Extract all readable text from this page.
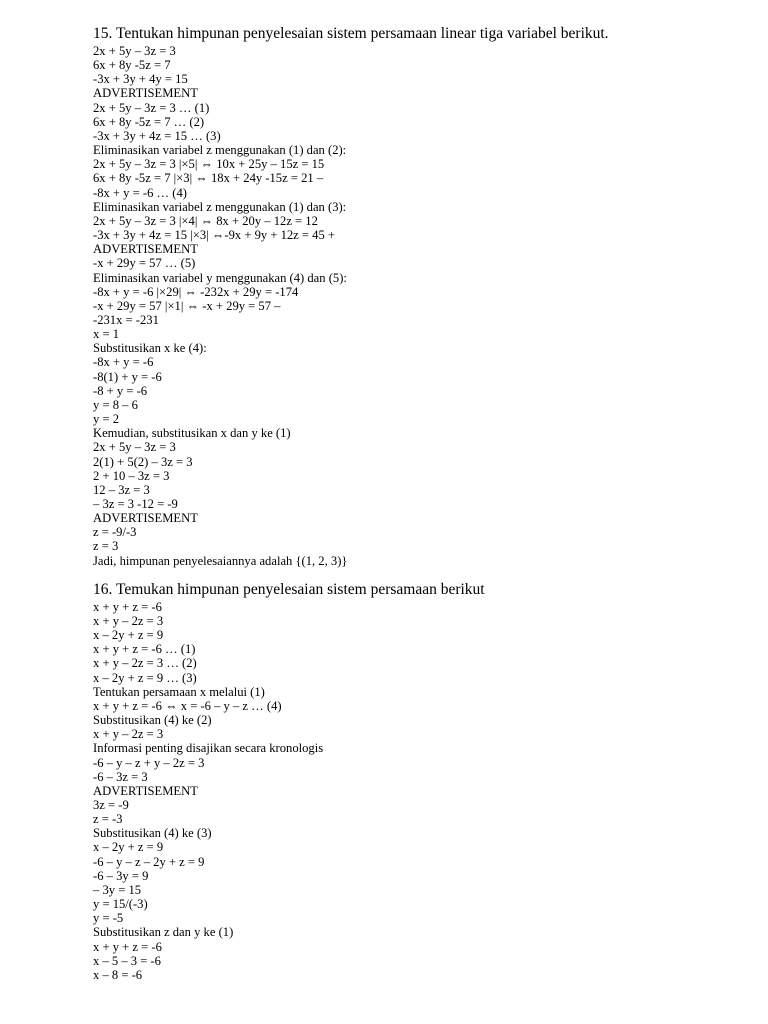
15. Tentukan himpunan penyelesaian sistem persamaan linear tiga variabel berikut.

2x + 5y – 3z = 3

6x + 8y -5z = 7

-3x + 3y + 4y = 15

ADVERTISEMENT

2x + 5y – 3z = 3 … (1)

6x + 8y -5z = 7 … (2)

-3x + 3y + 4z = 15 … (3)

Eliminasikan variabel z menggunakan (1) dan (2):

2x + 5y – 3z = 3 |×5| ⇔ 10x + 25y – 15z = 15

6x + 8y -5z = 7 |×3| ⇔ 18x + 24y -15z = 21 –

-8x + y = -6 … (4)

Eliminasikan variabel z menggunakan (1) dan (3):

2x + 5y – 3z = 3 |×4| ⇔ 8x + 20y – 12z = 12

-3x + 3y + 4z = 15 |×3| ⇔-9x + 9y + 12z = 45 +

ADVERTISEMENT

-x + 29y = 57 … (5)

Eliminasikan variabel y menggunakan (4) dan (5):

-8x + y = -6 |×29| ⇔ -232x + 29y = -174

-x + 29y = 57 |×1| ⇔ -x + 29y = 57 –

-231x = -231

x = 1

Substitusikan x ke (4):

-8x + y = -6

-8(1) + y = -6

-8 + y = -6

y = 8 – 6

y = 2

Kemudian, substitusikan x dan y ke (1)

2x + 5y – 3z = 3

2(1) + 5(2) – 3z = 3

2 + 10 – 3z = 3

12 – 3z = 3

– 3z = 3 -12 = -9

ADVERTISEMENT

z = -9/-3

z = 3

Jadi, himpunan penyelesaiannya adalah {(1, 2, 3)}

16. Temukan himpunan penyelesaian sistem persamaan berikut

x + y + z = -6

x + y – 2z = 3

x – 2y + z = 9

x + y + z = -6 … (1)

x + y – 2z = 3 … (2)

x – 2y + z = 9 … (3)

Tentukan persamaan x melalui (1)

x + y + z = -6 ⇔ x = -6 – y – z … (4)

Substitusikan (4) ke (2)

x + y – 2z = 3

Informasi penting disajikan secara kronologis

-6 – y – z + y – 2z = 3

-6 – 3z = 3

ADVERTISEMENT

3z = -9

z = -3

Substitusikan (4) ke (3)

x – 2y + z = 9

-6 – y – z – 2y + z = 9

-6 – 3y = 9

– 3y = 15

y = 15/(-3)

y = -5

Substitusikan z dan y ke (1)

x + y + z = -6

x – 5 – 3 = -6

x – 8 = -6
